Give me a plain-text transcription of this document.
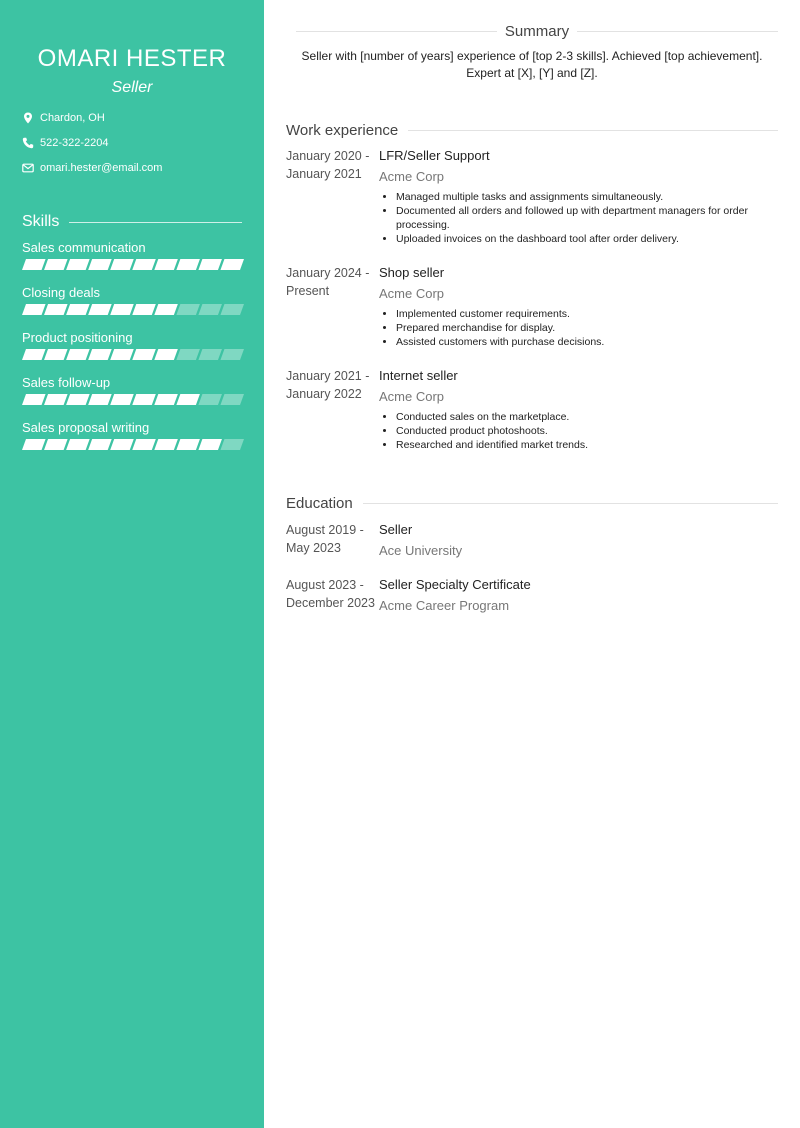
OMARI HESTER
Seller
Chardon, OH
522-322-2204
omari.hester@email.com
Skills
Sales communication
Closing deals
Product positioning
Sales follow-up
Sales proposal writing
Summary
Seller with [number of years] experience of [top 2-3 skills]. Achieved [top achievement]. Expert at [X], [Y] and [Z].
Work experience
January 2020 -
January 2021
LFR/Seller Support
Acme Corp
• Managed multiple tasks and assignments simultaneously.
• Documented all orders and followed up with department managers for order processing.
• Uploaded invoices on the dashboard tool after order delivery.
January 2024 -
Present
Shop seller
Acme Corp
• Implemented customer requirements.
• Prepared merchandise for display.
• Assisted customers with purchase decisions.
January 2021 -
January 2022
Internet seller
Acme Corp
• Conducted sales on the marketplace.
• Conducted product photoshoots.
• Researched and identified market trends.
Education
August 2019 -
May 2023
Seller
Ace University
August 2023 -
December 2023
Seller Specialty Certificate
Acme Career Program
